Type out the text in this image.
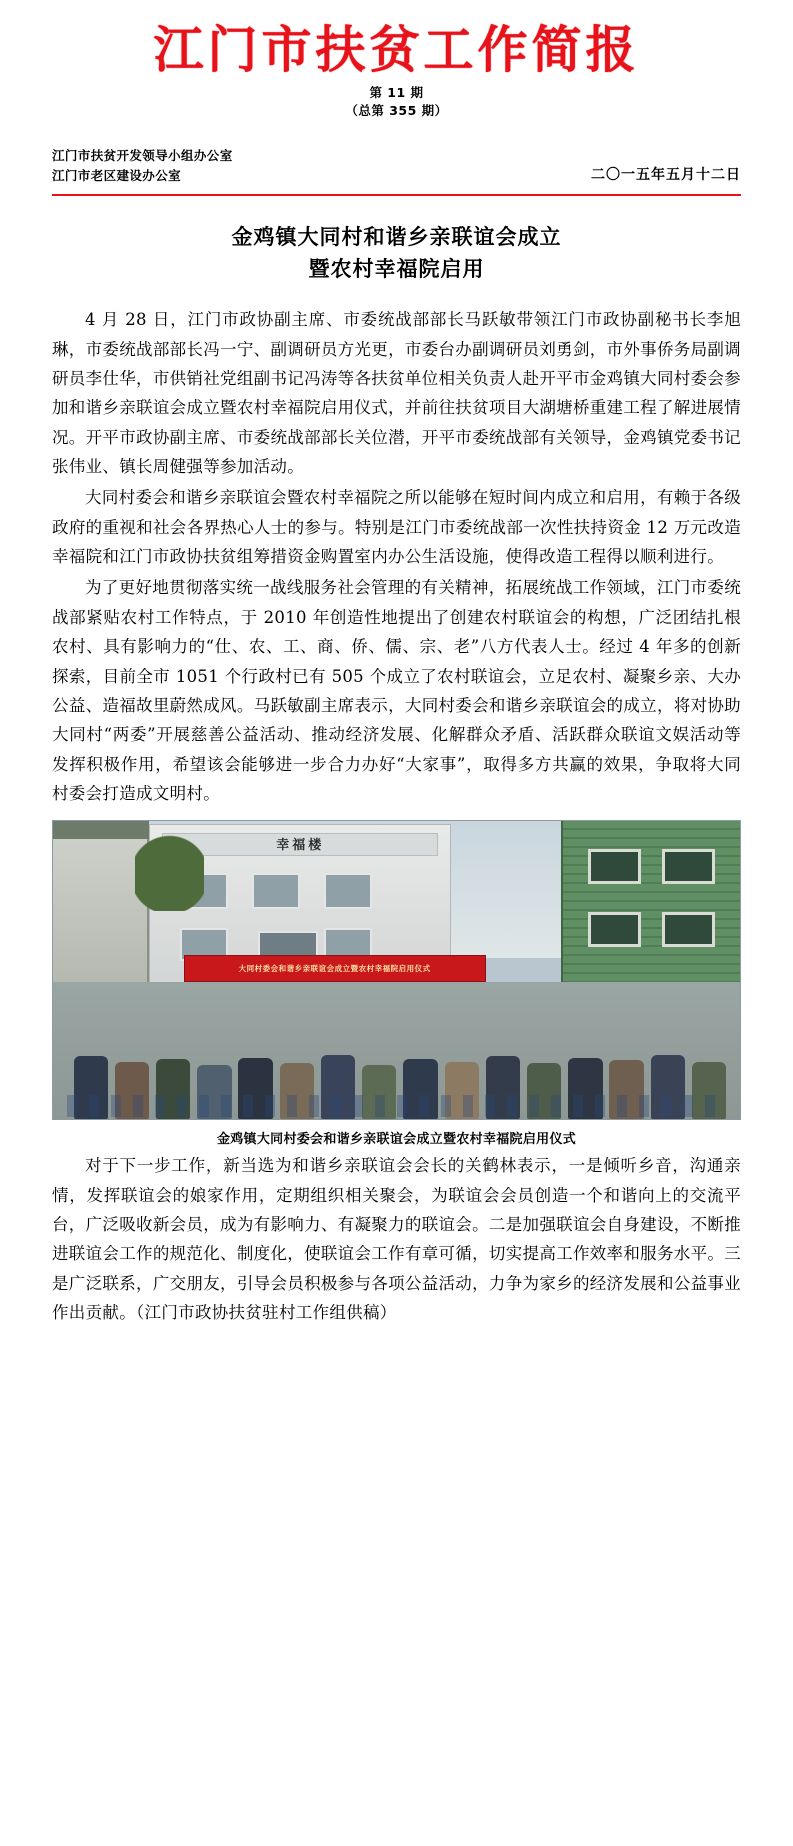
江门市扶贫工作简报
第 11 期
（总第 355 期）
江门市扶贫开发领导小组办公室
江门市老区建设办公室	二〇一五年五月十二日
金鸡镇大同村和谐乡亲联谊会成立
暨农村幸福院启用

4 月 28 日，江门市政协副主席、市委统战部部长马跃敏带领江门市政协副秘书长李旭琳，市委统战部部长冯一宁、副调研员方光更，市委台办副调研员刘勇剑，市外事侨务局副调研员李仕华，市供销社党组副书记冯涛等各扶贫单位相关负责人赴开平市金鸡镇大同村委会参加和谐乡亲联谊会成立暨农村幸福院启用仪式，并前往扶贫项目大湖塘桥重建工程了解进展情况。开平市政协副主席、市委统战部部长关位潜，开平市委统战部有关领导，金鸡镇党委书记张伟业、镇长周健强等参加活动。

大同村委会和谐乡亲联谊会暨农村幸福院之所以能够在短时间内成立和启用，有赖于各级政府的重视和社会各界热心人士的参与。特别是江门市委统战部一次性扶持资金 12 万元改造幸福院和江门市政协扶贫组筹措资金购置室内办公生活设施，使得改造工程得以顺利进行。

为了更好地贯彻落实统一战线服务社会管理的有关精神，拓展统战工作领域，江门市委统战部紧贴农村工作特点，于 2010 年创造性地提出了创建农村联谊会的构想，广泛团结扎根农村、具有影响力的“仕、农、工、商、侨、儒、宗、老”八方代表人士。经过 4 年多的创新探索，目前全市 1051 个行政村已有 505 个成立了农村联谊会，立足农村、凝聚乡亲、大办公益、造福故里蔚然成风。马跃敏副主席表示，大同村委会和谐乡亲联谊会的成立，将对协助大同村“两委”开展慈善公益活动、推动经济发展、化解群众矛盾、活跃群众联谊文娱活动等发挥积极作用，希望该会能够进一步合力办好“大家事”，取得多方共赢的效果，争取将大同村委会打造成文明村。

幸福楼
大同村委会和谐乡亲联谊会成立暨农村幸福院启用仪式
金鸡镇大同村委会和谐乡亲联谊会成立暨农村幸福院启用仪式

对于下一步工作，新当选为和谐乡亲联谊会会长的关鹤林表示，一是倾听乡音，沟通亲情，发挥联谊会的娘家作用，定期组织相关聚会，为联谊会会员创造一个和谐向上的交流平台，广泛吸收新会员，成为有影响力、有凝聚力的联谊会。二是加强联谊会自身建设，不断推进联谊会工作的规范化、制度化，使联谊会工作有章可循，切实提高工作效率和服务水平。三是广泛联系，广交朋友，引导会员积极参与各项公益活动，力争为家乡的经济发展和公益事业作出贡献。（江门市政协扶贫驻村工作组供稿）
